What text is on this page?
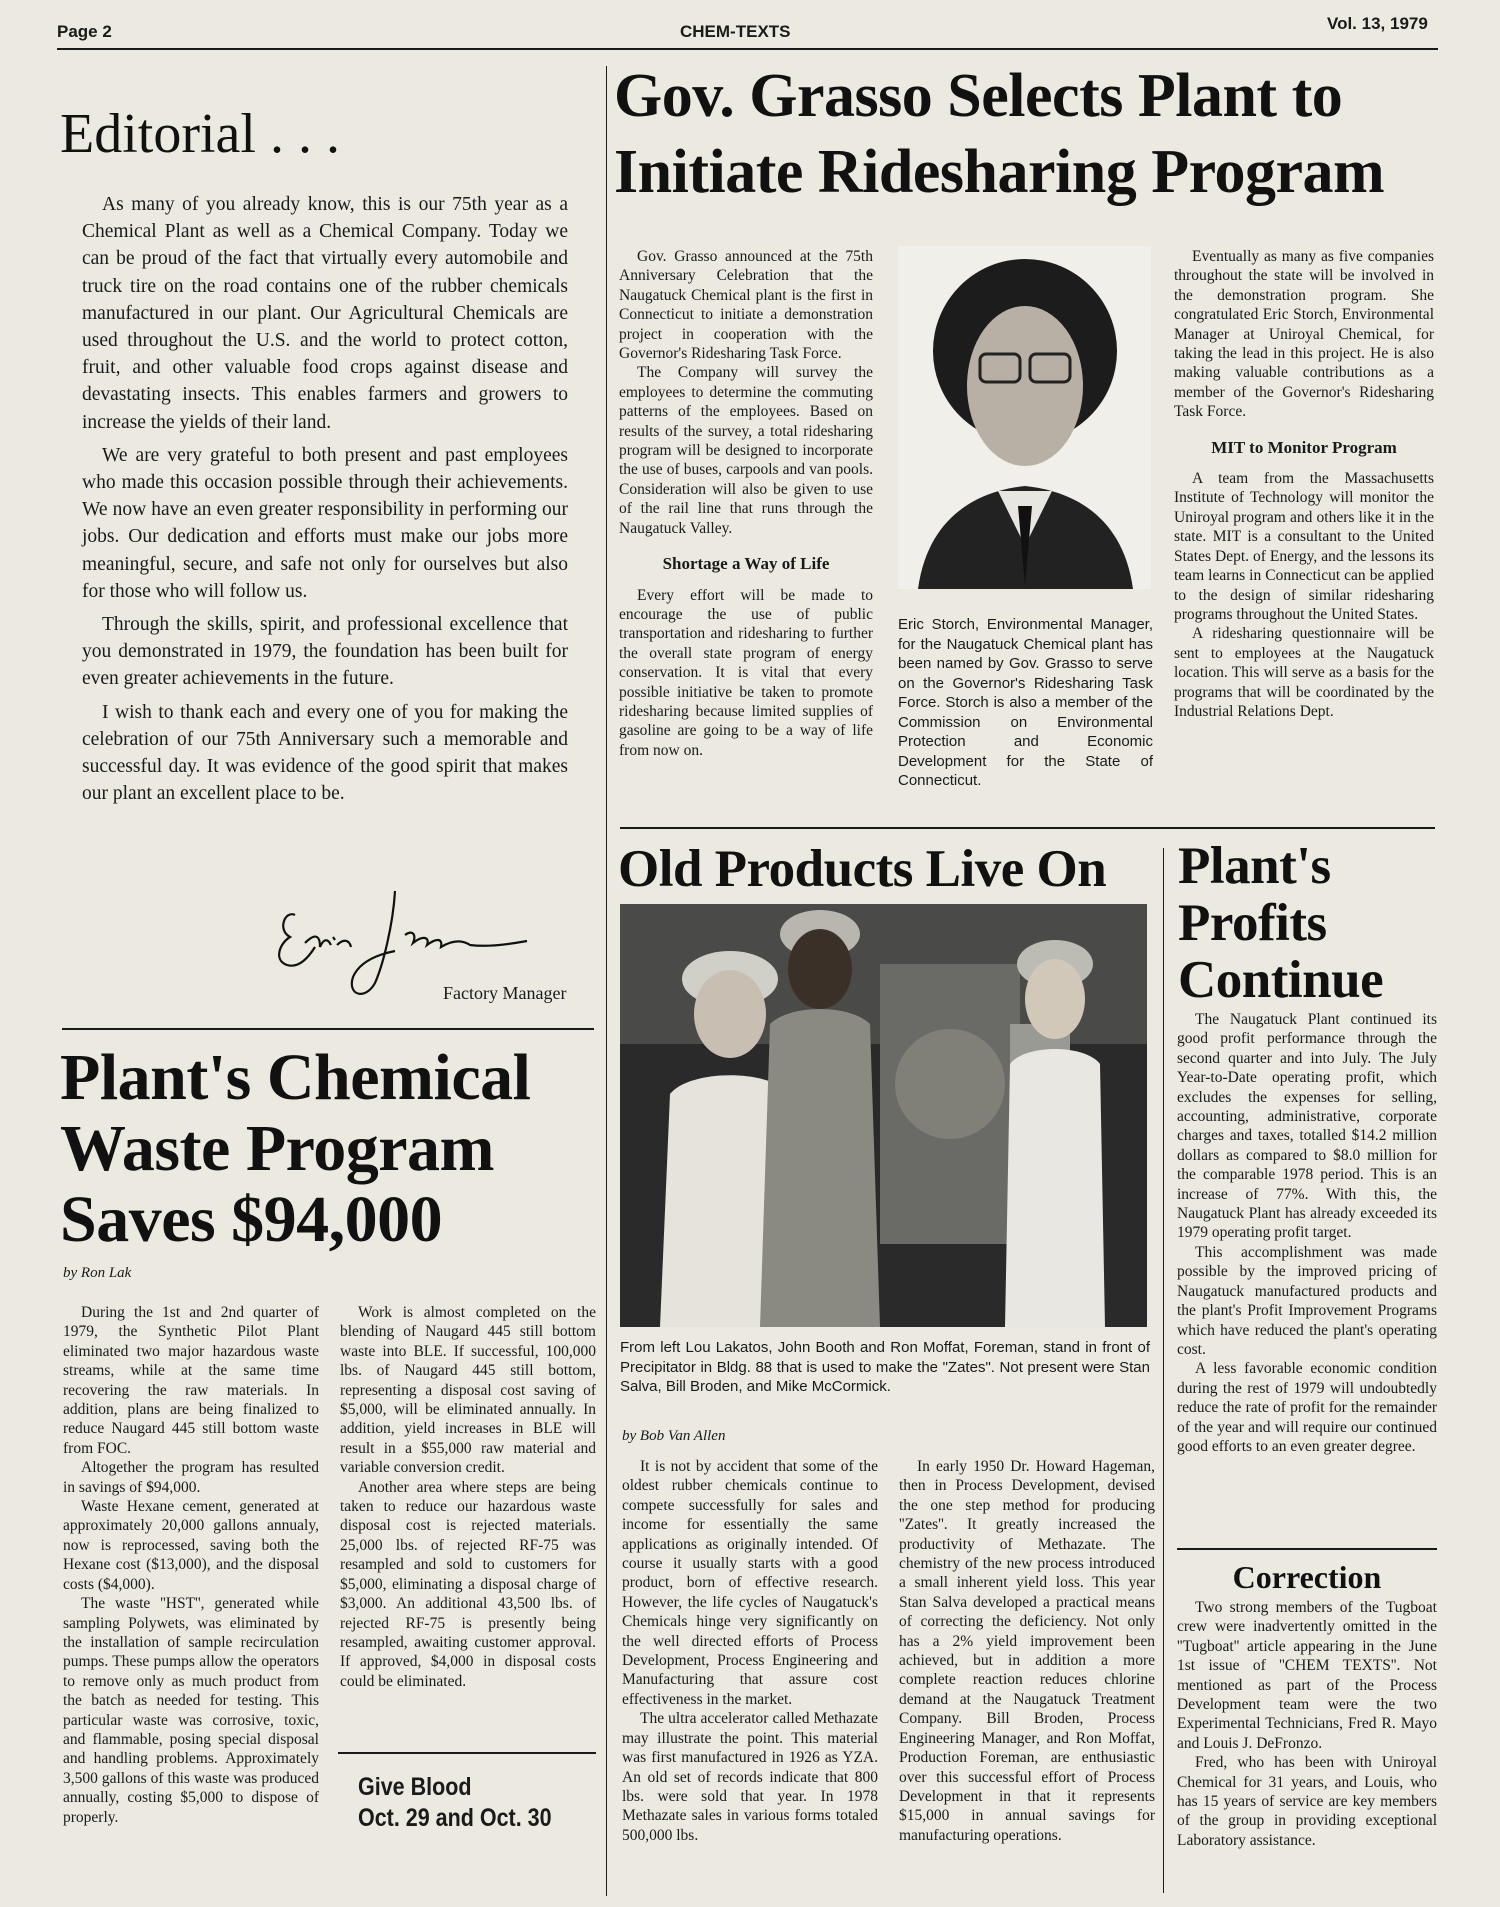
Page 2	CHEM-TEXTS	Vol. 13, 1979
Editorial . . .

As many of you already know, this is our 75th year as a Chemical Plant as well as a Chemical Company. Today we can be proud of the fact that virtually every automobile and truck tire on the road contains one of the rubber chemicals manufactured in our plant. Our Agricultural Chemicals are used throughout the U.S. and the world to protect cotton, fruit, and other valuable food crops against disease and devastating insects. This enables farmers and growers to increase the yields of their land.

We are very grateful to both present and past employees who made this occasion possible through their achievements. We now have an even greater responsibility in performing our jobs. Our dedication and efforts must make our jobs more meaningful, secure, and safe not only for ourselves but also for those who will follow us.

Through the skills, spirit, and professional excellence that you demonstrated in 1979, the foundation has been built for even greater achievements in the future.

I wish to thank each and every one of you for making the celebration of our 75th Anniversary such a memorable and successful day. It was evidence of the good spirit that makes our plant an excellent place to be.

Factory Manager
Gov. Grasso Selects Plant to Initiate Ridesharing Program

Gov. Grasso announced at the 75th Anniversary Celebration that the Naugatuck Chemical plant is the first in Connecticut to initiate a demonstration project in cooperation with the Governor's Ridesharing Task Force.

The Company will survey the employees to determine the commuting patterns of the employees. Based on results of the survey, a total ridesharing program will be designed to incorporate the use of buses, carpools and van pools. Consideration will also be given to use of the rail line that runs through the Naugatuck Valley.

Shortage a Way of Life

Every effort will be made to encourage the use of public transportation and ridesharing to further the overall state program of energy conservation. It is vital that every possible initiative be taken to promote ridesharing because limited supplies of gasoline are going to be a way of life from now on.

Eric Storch, Environmental Manager, for the Naugatuck Chemical plant has been named by Gov. Grasso to serve on the Governor's Ridesharing Task Force. Storch is also a member of the Commission on Environmental Protection and Economic Development for the State of Connecticut.

Eventually as many as five companies throughout the state will be involved in the demonstration program. She congratulated Eric Storch, Environmental Manager at Uniroyal Chemical, for taking the lead in this project. He is also making valuable contributions as a member of the Governor's Ridesharing Task Force.

MIT to Monitor Program

A team from the Massachusetts Institute of Technology will monitor the Uniroyal program and others like it in the state. MIT is a consultant to the United States Dept. of Energy, and the lessons its team learns in Connecticut can be applied to the design of similar ridesharing programs throughout the United States.

A ridesharing questionnaire will be sent to employees at the Naugatuck location. This will serve as a basis for the programs that will be coordinated by the Industrial Relations Dept.

Plant's Chemical Waste Program Saves $94,000
by Ron Lak

During the 1st and 2nd quarter of 1979, the Synthetic Pilot Plant eliminated two major hazardous waste streams, while at the same time recovering the raw materials. In addition, plans are being finalized to reduce Naugard 445 still bottom waste from FOC.

Altogether the program has resulted in savings of $94,000.

Waste Hexane cement, generated at approximately 20,000 gallons annualy, now is reprocessed, saving both the Hexane cost ($13,000), and the disposal costs ($4,000).

The waste ''HST'', generated while sampling Polywets, was eliminated by the installation of sample recirculation pumps. These pumps allow the operators to remove only as much product from the batch as needed for testing. This particular waste was corrosive, toxic, and flammable, posing special disposal and handling problems. Approximately 3,500 gallons of this waste was produced annually, costing $5,000 to dispose of properly.

Work is almost completed on the blending of Naugard 445 still bottom waste into BLE. If successful, 100,000 lbs. of Naugard 445 still bottom, representing a disposal cost saving of $5,000, will be eliminated annually. In addition, yield increases in BLE will result in a $55,000 raw material and variable conversion credit.

Another area where steps are being taken to reduce our hazardous waste disposal cost is rejected materials. 25,000 lbs. of rejected RF-75 was resampled and sold to customers for $5,000, eliminating a disposal charge of $3,000. An additional 43,500 lbs. of rejected RF-75 is presently being resampled, awaiting customer approval. If approved, $4,000 in disposal costs could be eliminated.

Give Blood
Oct. 29 and Oct. 30
Old Products Live On
From left Lou Lakatos, John Booth and Ron Moffat, Foreman, stand in front of Precipitator in Bldg. 88 that is used to make the "Zates". Not present were Stan Salva, Bill Broden, and Mike McCormick.
by Bob Van Allen

It is not by accident that some of the oldest rubber chemicals continue to compete successfully for sales and income for essentially the same applications as originally intended. Of course it usually starts with a good product, born of effective research. However, the life cycles of Naugatuck's Chemicals hinge very significantly on the well directed efforts of Process Development, Process Engineering and Manufacturing that assure cost effectiveness in the market.

The ultra accelerator called Methazate may illustrate the point. This material was first manufactured in 1926 as YZA. An old set of records indicate that 800 lbs. were sold that year. In 1978 Methazate sales in various forms totaled 500,000 lbs.

In early 1950 Dr. Howard Hageman, then in Process Development, devised the one step method for producing ''Zates''. It greatly increased the productivity of Methazate. The chemistry of the new process introduced a small inherent yield loss. This year Stan Salva developed a practical means of correcting the deficiency. Not only has a 2% yield improvement been achieved, but in addition a more complete reaction reduces chlorine demand at the Naugatuck Treatment Company. Bill Broden, Process Engineering Manager, and Ron Moffat, Production Foreman, are enthusiastic over this successful effort of Process Development in that it represents $15,000 in annual savings for manufacturing operations.

Plant's Profits Continue

The Naugatuck Plant continued its good profit performance through the second quarter and into July. The July Year-to-Date operating profit, which excludes the expenses for selling, accounting, administrative, corporate charges and taxes, totalled $14.2 million dollars as compared to $8.0 million for the comparable 1978 period. This is an increase of 77%. With this, the Naugatuck Plant has already exceeded its 1979 operating profit target.

This accomplishment was made possible by the improved pricing of Naugatuck manufactured products and the plant's Profit Improvement Programs which have reduced the plant's operating cost.

A less favorable economic condition during the rest of 1979 will undoubtedly reduce the rate of profit for the remainder of the year and will require our continued good efforts to an even greater degree.

Correction

Two strong members of the Tugboat crew were inadvertently omitted in the ''Tugboat'' article appearing in the June 1st issue of ''CHEM TEXTS''. Not mentioned as part of the Process Development team were the two Experimental Technicians, Fred R. Mayo and Louis J. DeFronzo.

Fred, who has been with Uniroyal Chemical for 31 years, and Louis, who has 15 years of service are key members of the group in providing exceptional Laboratory assistance.
